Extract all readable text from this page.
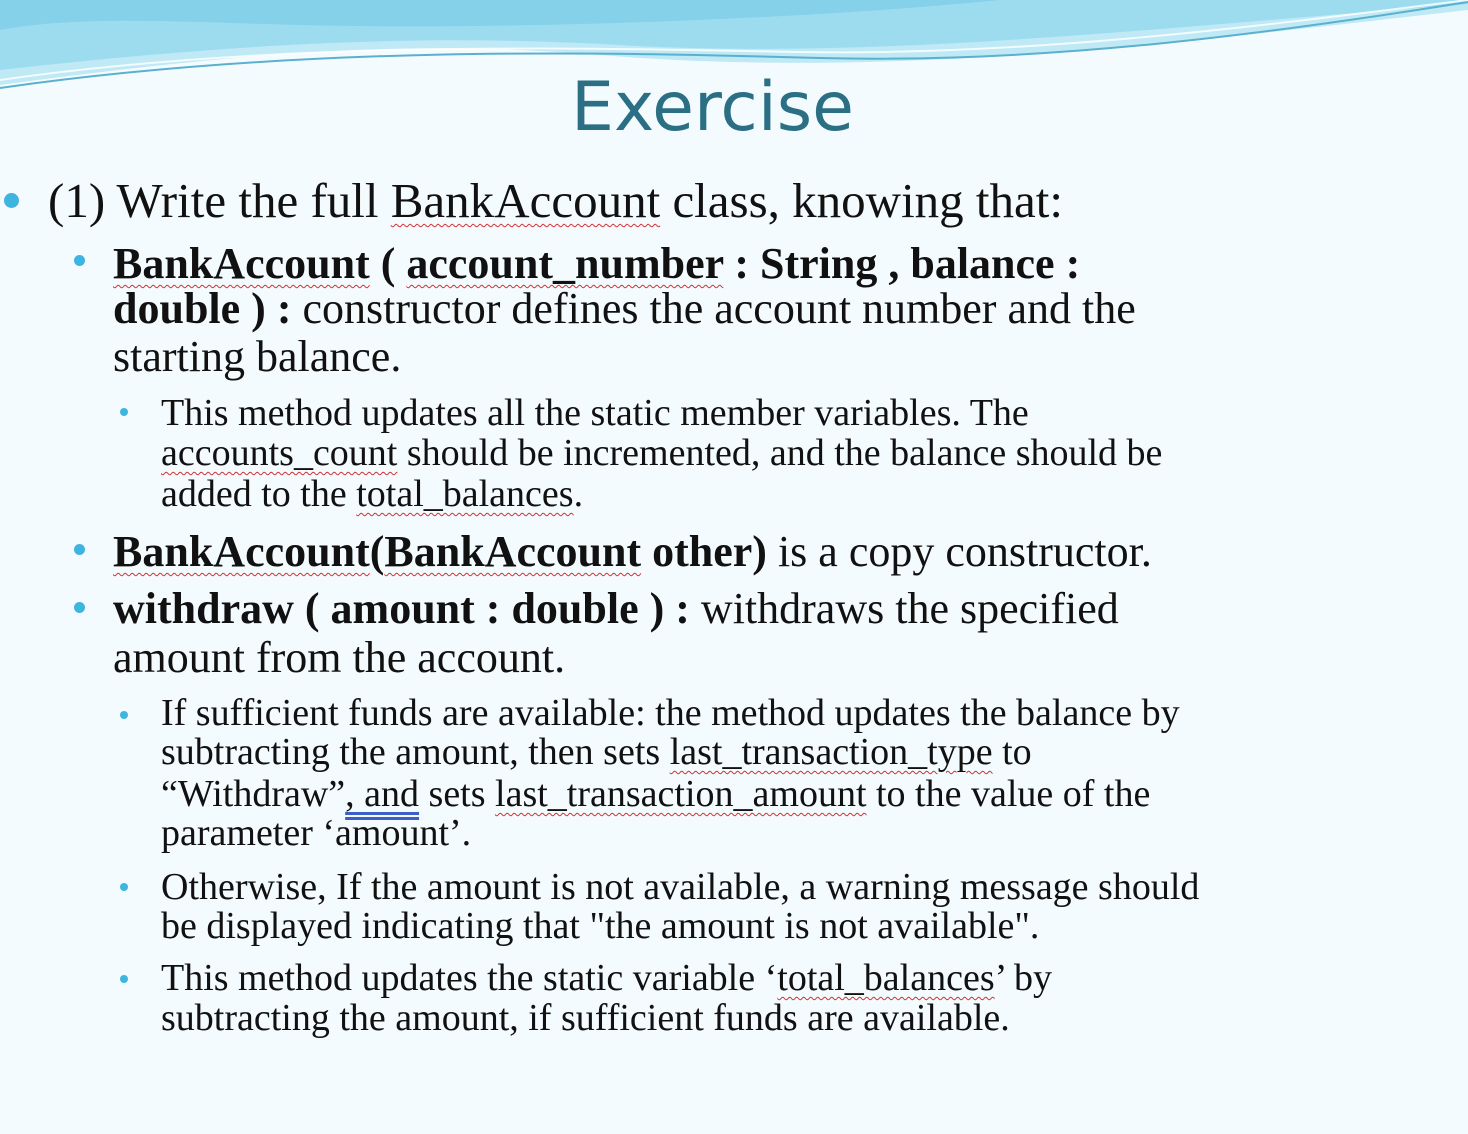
Exercise
(1) Write the full BankAccount class, knowing that:
BankAccount ( account_number : String , balance :
double ) : constructor defines the account number and the
starting balance.
This method updates all the static member variables. The
accounts_count should be incremented, and the balance should be
added to the total_balances.
BankAccount(BankAccount other) is a copy constructor.
withdraw ( amount : double ) : withdraws the specified
amount from the account.
If sufficient funds are available: the method updates the balance by
subtracting the amount, then sets last_transaction_type to
“Withdraw”, and sets last_transaction_amount to the value of the
parameter ‘amount’.
Otherwise, If the amount is not available, a warning message should
be displayed indicating that "the amount is not available".
This method updates the static variable ‘total_balances’ by
subtracting the amount, if sufficient funds are available.
